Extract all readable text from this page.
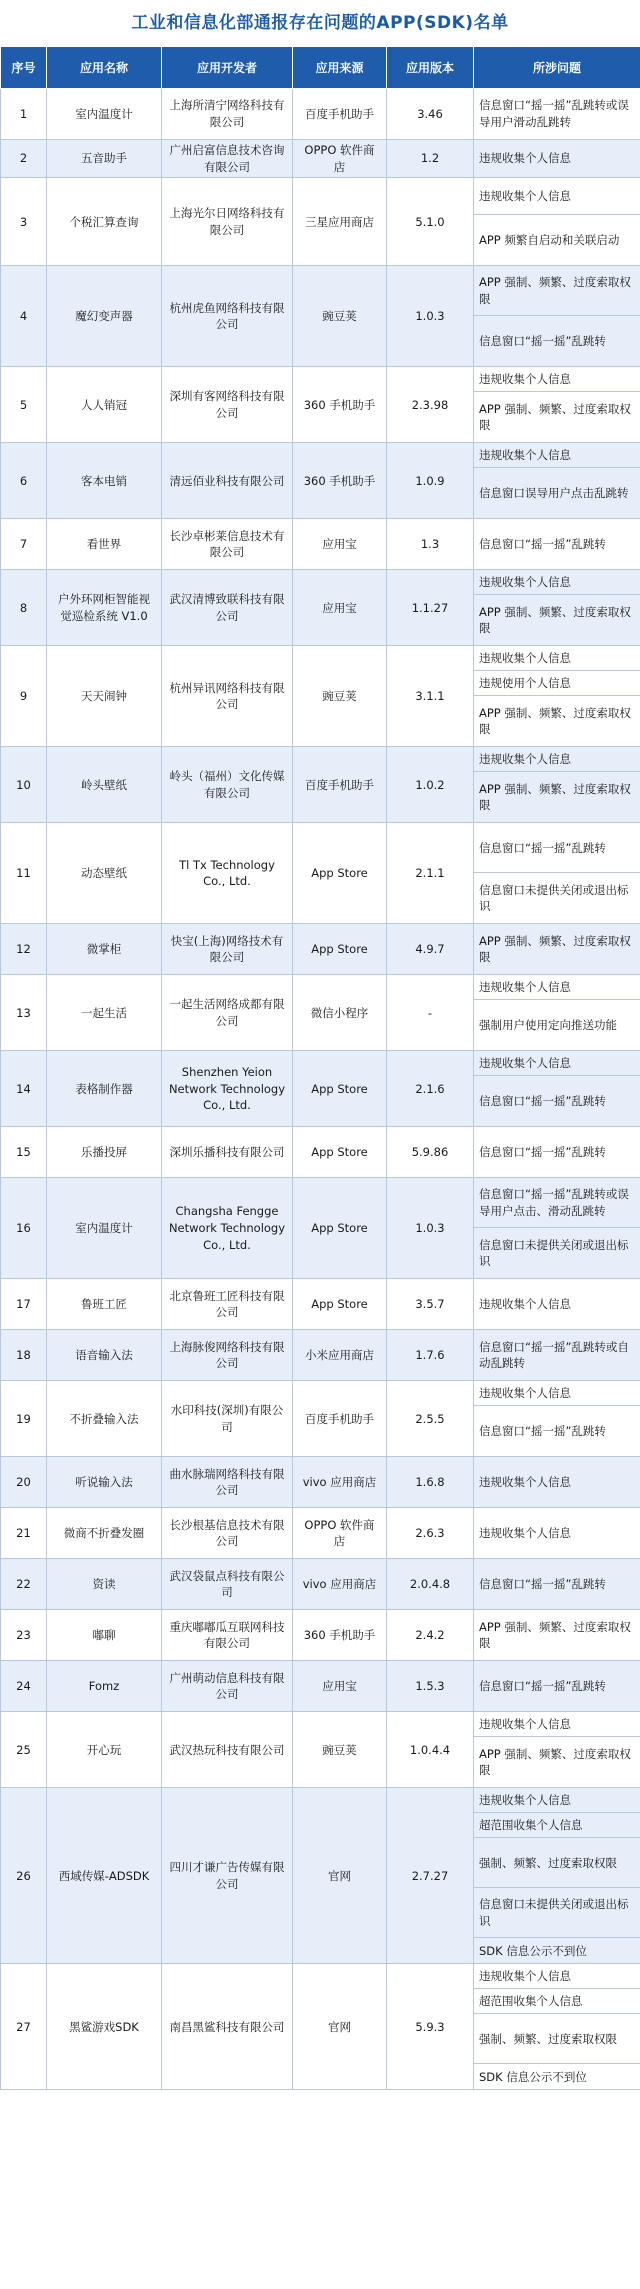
工业和信息化部通报存在问题的APP(SDK)名单
序号	应用名称	应用开发者	应用来源	应用版本	所涉问题
1	室内温度计	上海所清宁网络科技有限公司	百度手机助手	3.46	信息窗口“摇一摇”乱跳转或误导用户滑动乱跳转

2	五音助手	广州启富信息技术咨询有限公司	OPPO 软件商店	1.2	违规收集个人信息

3	个税汇算查询	上海光尔日网络科技有限公司	三星应用商店	5.1.0	违规收集个人信息
APP 频繁自启动和关联启动

4	魔幻变声器	杭州虎鱼网络科技有限公司	豌豆荚	1.0.3	APP 强制、频繁、过度索取权限
信息窗口“摇一摇”乱跳转

5	人人销冠	深圳有客网络科技有限公司	360 手机助手	2.3.98	违规收集个人信息
APP 强制、频繁、过度索取权限

6	客本电销	清远佰业科技有限公司	360 手机助手	1.0.9	违规收集个人信息
信息窗口误导用户点击乱跳转

7	看世界	长沙卓彬莱信息技术有限公司	应用宝	1.3	信息窗口“摇一摇”乱跳转

8	户外环网柜智能视觉巡检系统 V1.0	武汉清博致联科技有限公司	应用宝	1.1.27	违规收集个人信息
APP 强制、频繁、过度索取权限

9	天天闹钟	杭州异讯网络科技有限公司	豌豆荚	3.1.1	违规收集个人信息
违规使用个人信息
APP 强制、频繁、过度索取权限

10	岭头壁纸	岭头（福州）文化传媒有限公司	百度手机助手	1.0.2	违规收集个人信息
APP 强制、频繁、过度索取权限

11	动态壁纸	Tl Tx Technology Co., Ltd.	App Store	2.1.1	信息窗口“摇一摇”乱跳转
信息窗口未提供关闭或退出标识

12	微掌柜	快宝(上海)网络技术有限公司	App Store	4.9.7	APP 强制、频繁、过度索取权限

13	一起生活	一起生活网络成都有限公司	微信小程序	-	违规收集个人信息
强制用户使用定向推送功能

14	表格制作器	Shenzhen Yeion Network Technology Co., Ltd.	App Store	2.1.6	违规收集个人信息
信息窗口“摇一摇”乱跳转

15	乐播投屏	深圳乐播科技有限公司	App Store	5.9.86	信息窗口“摇一摇”乱跳转

16	室内温度计	Changsha Fengge Network Technology Co., Ltd.	App Store	1.0.3	信息窗口“摇一摇”乱跳转或误导用户点击、滑动乱跳转
信息窗口未提供关闭或退出标识

17	鲁班工匠	北京鲁班工匠科技有限公司	App Store	3.5.7	违规收集个人信息

18	语音输入法	上海脉俊网络科技有限公司	小米应用商店	1.7.6	信息窗口“摇一摇”乱跳转或自动乱跳转

19	不折叠输入法	水印科技(深圳)有限公司	百度手机助手	2.5.5	违规收集个人信息
信息窗口“摇一摇”乱跳转

20	听说输入法	曲水脉瑞网络科技有限公司	vivo 应用商店	1.6.8	违规收集个人信息

21	微商不折叠发圈	长沙根基信息技术有限公司	OPPO 软件商店	2.6.3	违规收集个人信息

22	资读	武汉袋鼠点科技有限公司	vivo 应用商店	2.0.4.8	信息窗口“摇一摇”乱跳转

23	嘟聊	重庆嘟嘟瓜互联网科技有限公司	360 手机助手	2.4.2	APP 强制、频繁、过度索取权限

24	Fomz	广州萌动信息科技有限公司	应用宝	1.5.3	信息窗口“摇一摇”乱跳转

25	开心玩	武汉热玩科技有限公司	豌豆荚	1.0.4.4	违规收集个人信息
APP 强制、频繁、过度索取权限

26	西域传媒-ADSDK	四川才谦广告传媒有限公司	官网	2.7.27	违规收集个人信息
超范围收集个人信息
强制、频繁、过度索取权限
信息窗口未提供关闭或退出标识
SDK 信息公示不到位

27	黑鲨游戏SDK	南昌黑鲨科技有限公司	官网	5.9.3	违规收集个人信息
超范围收集个人信息
强制、频繁、过度索取权限
SDK 信息公示不到位
